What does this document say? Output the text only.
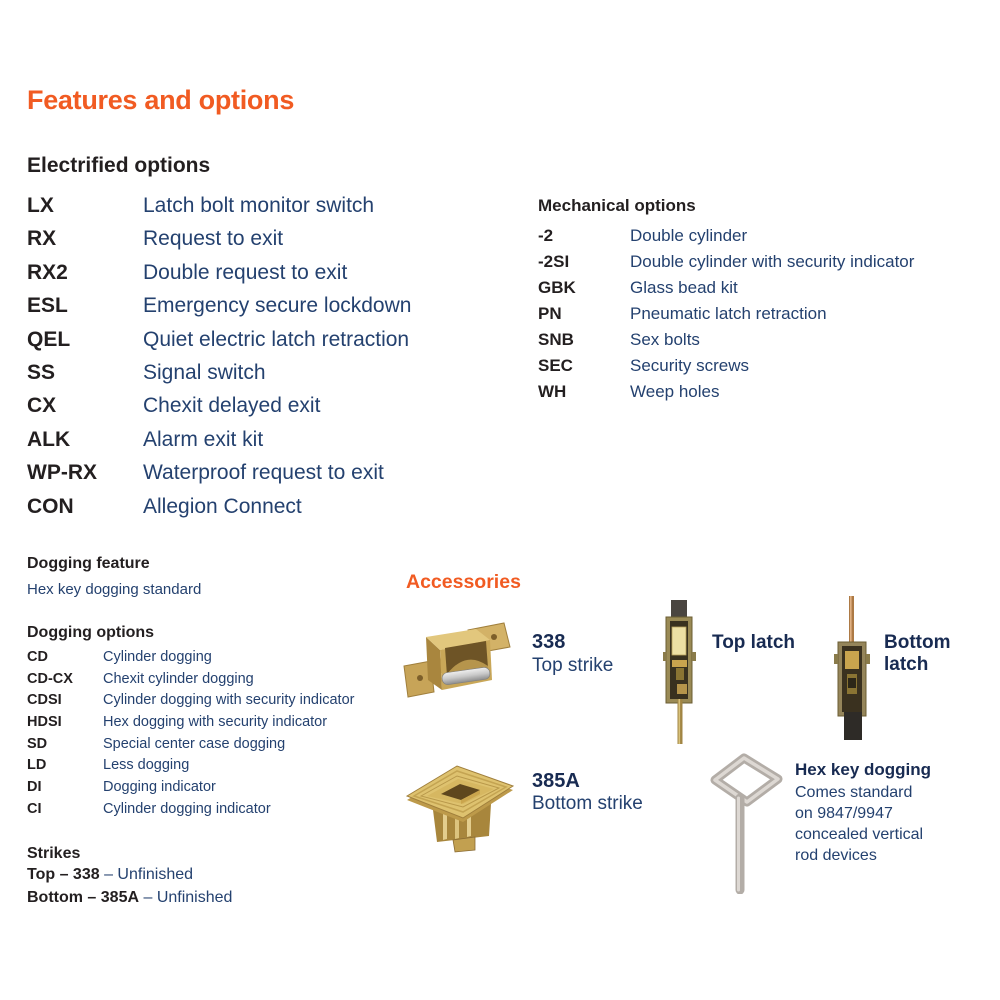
Features and options
Electrified options
LX	Latch bolt monitor switch
RX	Request to exit
RX2	Double request to exit
ESL	Emergency secure lockdown
QEL	Quiet electric latch retraction
SS	Signal switch
CX	Chexit delayed exit
ALK	Alarm exit kit
WP-RX	Waterproof request to exit
CON	Allegion Connect
Mechanical options
-2	Double cylinder
-2SI	Double cylinder with security indicator
GBK	Glass bead kit
PN	Pneumatic latch retraction
SNB	Sex bolts
SEC	Security screws
WH	Weep holes
Dogging feature
Hex key dogging standard
Dogging options
CD	Cylinder dogging
CD-CX	Chexit cylinder dogging
CDSI	Cylinder dogging with security indicator
HDSI	Hex dogging with security indicator
SD	Special center case dogging
LD	Less dogging
DI	Dogging indicator
CI	Cylinder dogging indicator
Strikes
Top – 338 – Unfinished
Bottom – 385A – Unfinished
Accessories
338
Top strike
Top latch	Bottom latch
385A
Bottom strike
Hex key dogging
Comes standard
on 9847/9947
concealed vertical
rod devices
